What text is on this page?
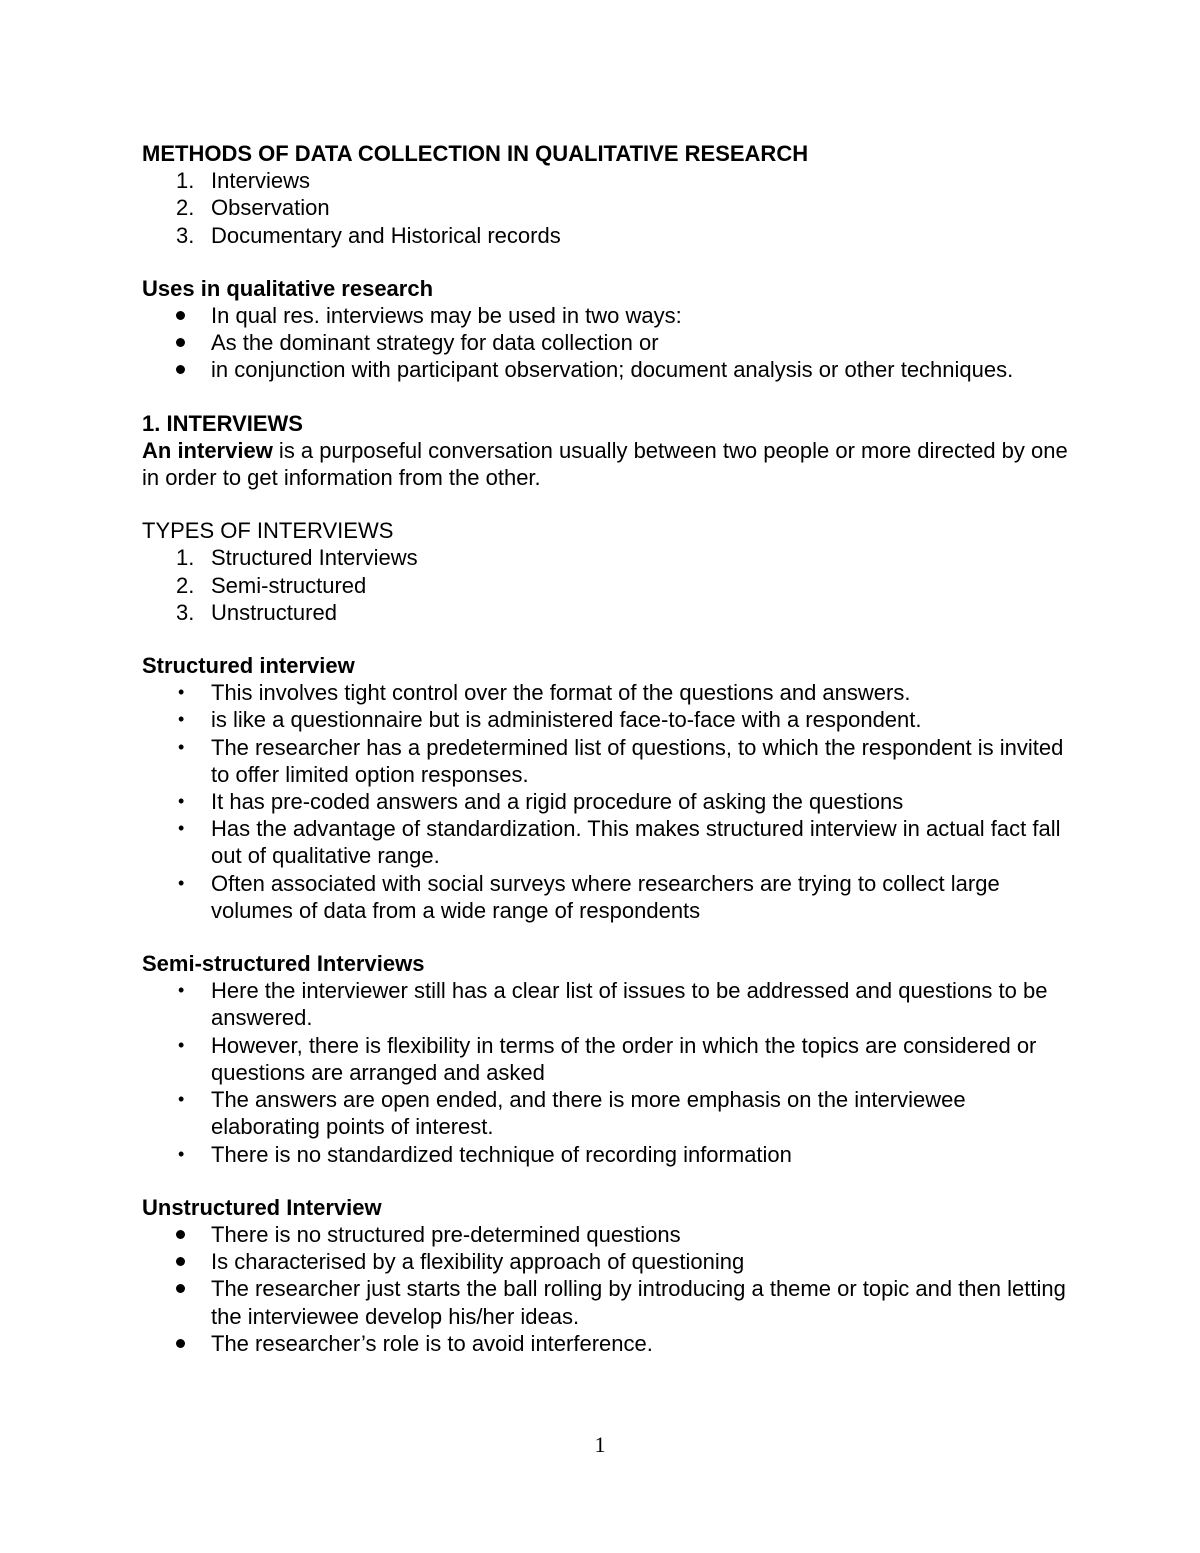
METHODS OF DATA COLLECTION IN QUALITATIVE RESEARCH

1. Interviews
2. Observation
3. Documentary and Historical records

Uses in qualitative research

In qual res. interviews may be used in two ways:
As the dominant strategy for data collection or
in conjunction with participant observation; document analysis or other techniques.

1. INTERVIEWS

An interview is a purposeful conversation usually between two people or more directed by one in order to get information from the other.

TYPES OF INTERVIEWS

1. Structured Interviews
2. Semi-structured
3. Unstructured

Structured interview

• This involves tight control over the format of the questions and answers.
• is like a questionnaire but is administered face-to-face with a respondent.
• The researcher has a predetermined list of questions, to which the respondent is invited to offer limited option responses.
• It has pre-coded answers and a rigid procedure of asking the questions
• Has the advantage of standardization. This makes structured interview in actual fact fall out of qualitative range.
• Often associated with social surveys where researchers are trying to collect large volumes of data from a wide range of respondents

Semi-structured Interviews

• Here the interviewer still has a clear list of issues to be addressed and questions to be answered.
• However, there is flexibility in terms of the order in which the topics are considered or questions are arranged and asked
• The answers are open ended, and there is more emphasis on the interviewee elaborating points of interest.
• There is no standardized technique of recording information

Unstructured Interview

There is no structured pre-determined questions
Is characterised by a flexibility approach of questioning
The researcher just starts the ball rolling by introducing a theme or topic and then letting the interviewee develop his/her ideas.
The researcher’s role is to avoid interference.
1
